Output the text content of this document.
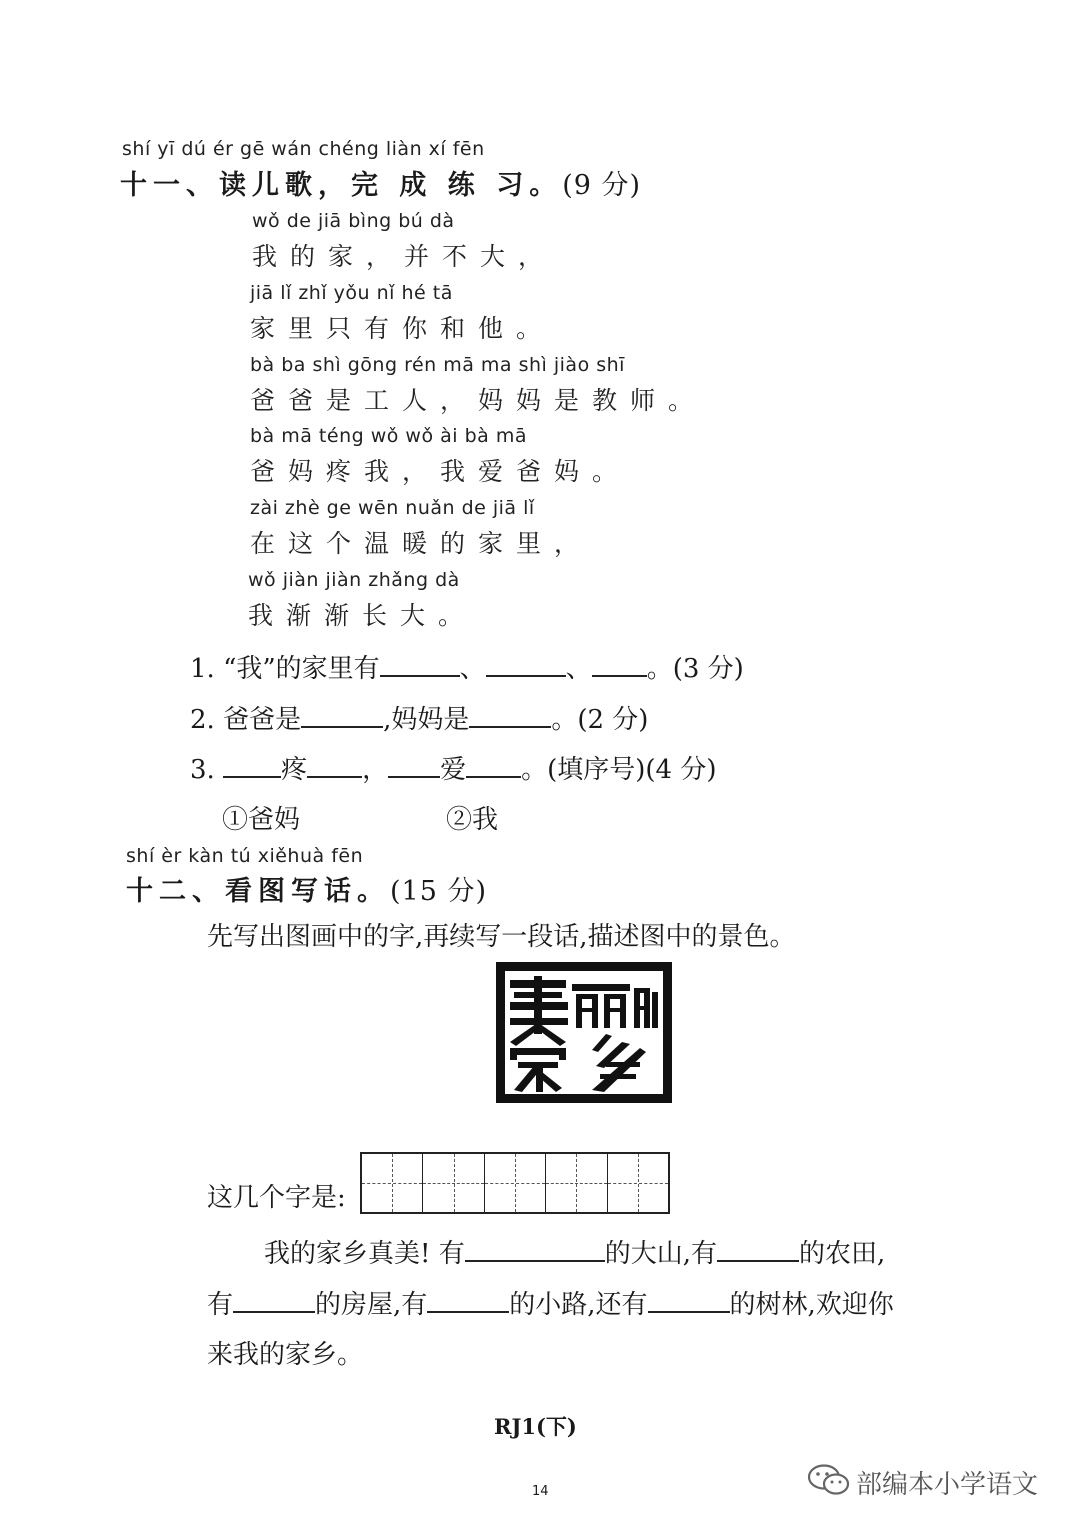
shí yī dú ér gē wán chéng liàn xí fēn
十一、读儿歌，完 成 练 习。(9 分)
wǒ de jiā bìng bú dà
我的家，并不大，
jiā lǐ zhǐ yǒu nǐ hé tā
家里只有你和他。
bà ba shì gōng rén mā ma shì jiào shī
爸爸是工人，妈妈是教师。
bà mā téng wǒ wǒ ài bà mā
爸妈疼我，我爱爸妈。
zài zhè ge wēn nuǎn de jiā lǐ
在这个温暖的家里，
wǒ jiàn jiàn zhǎng dà
我渐渐长大。
1. “我”的家里有	、	、 。(3 分)
2. 爸爸是	,妈妈是	。(2 分)
3. 疼 ， 爱 。(填序号)(4 分)
①爸妈	②我
shí èr kàn tú xiěhuà fēn
十二、看图写话。(15 分)
先写出图画中的字,再续写一段话,描述图中的景色。
这几个字是:
我的家乡真美! 有	的大山,有	的农田,
有	的房屋,有	的小路,还有	的树林,欢迎你
来我的家乡。
RJ1(下)
14	部编本小学语文
